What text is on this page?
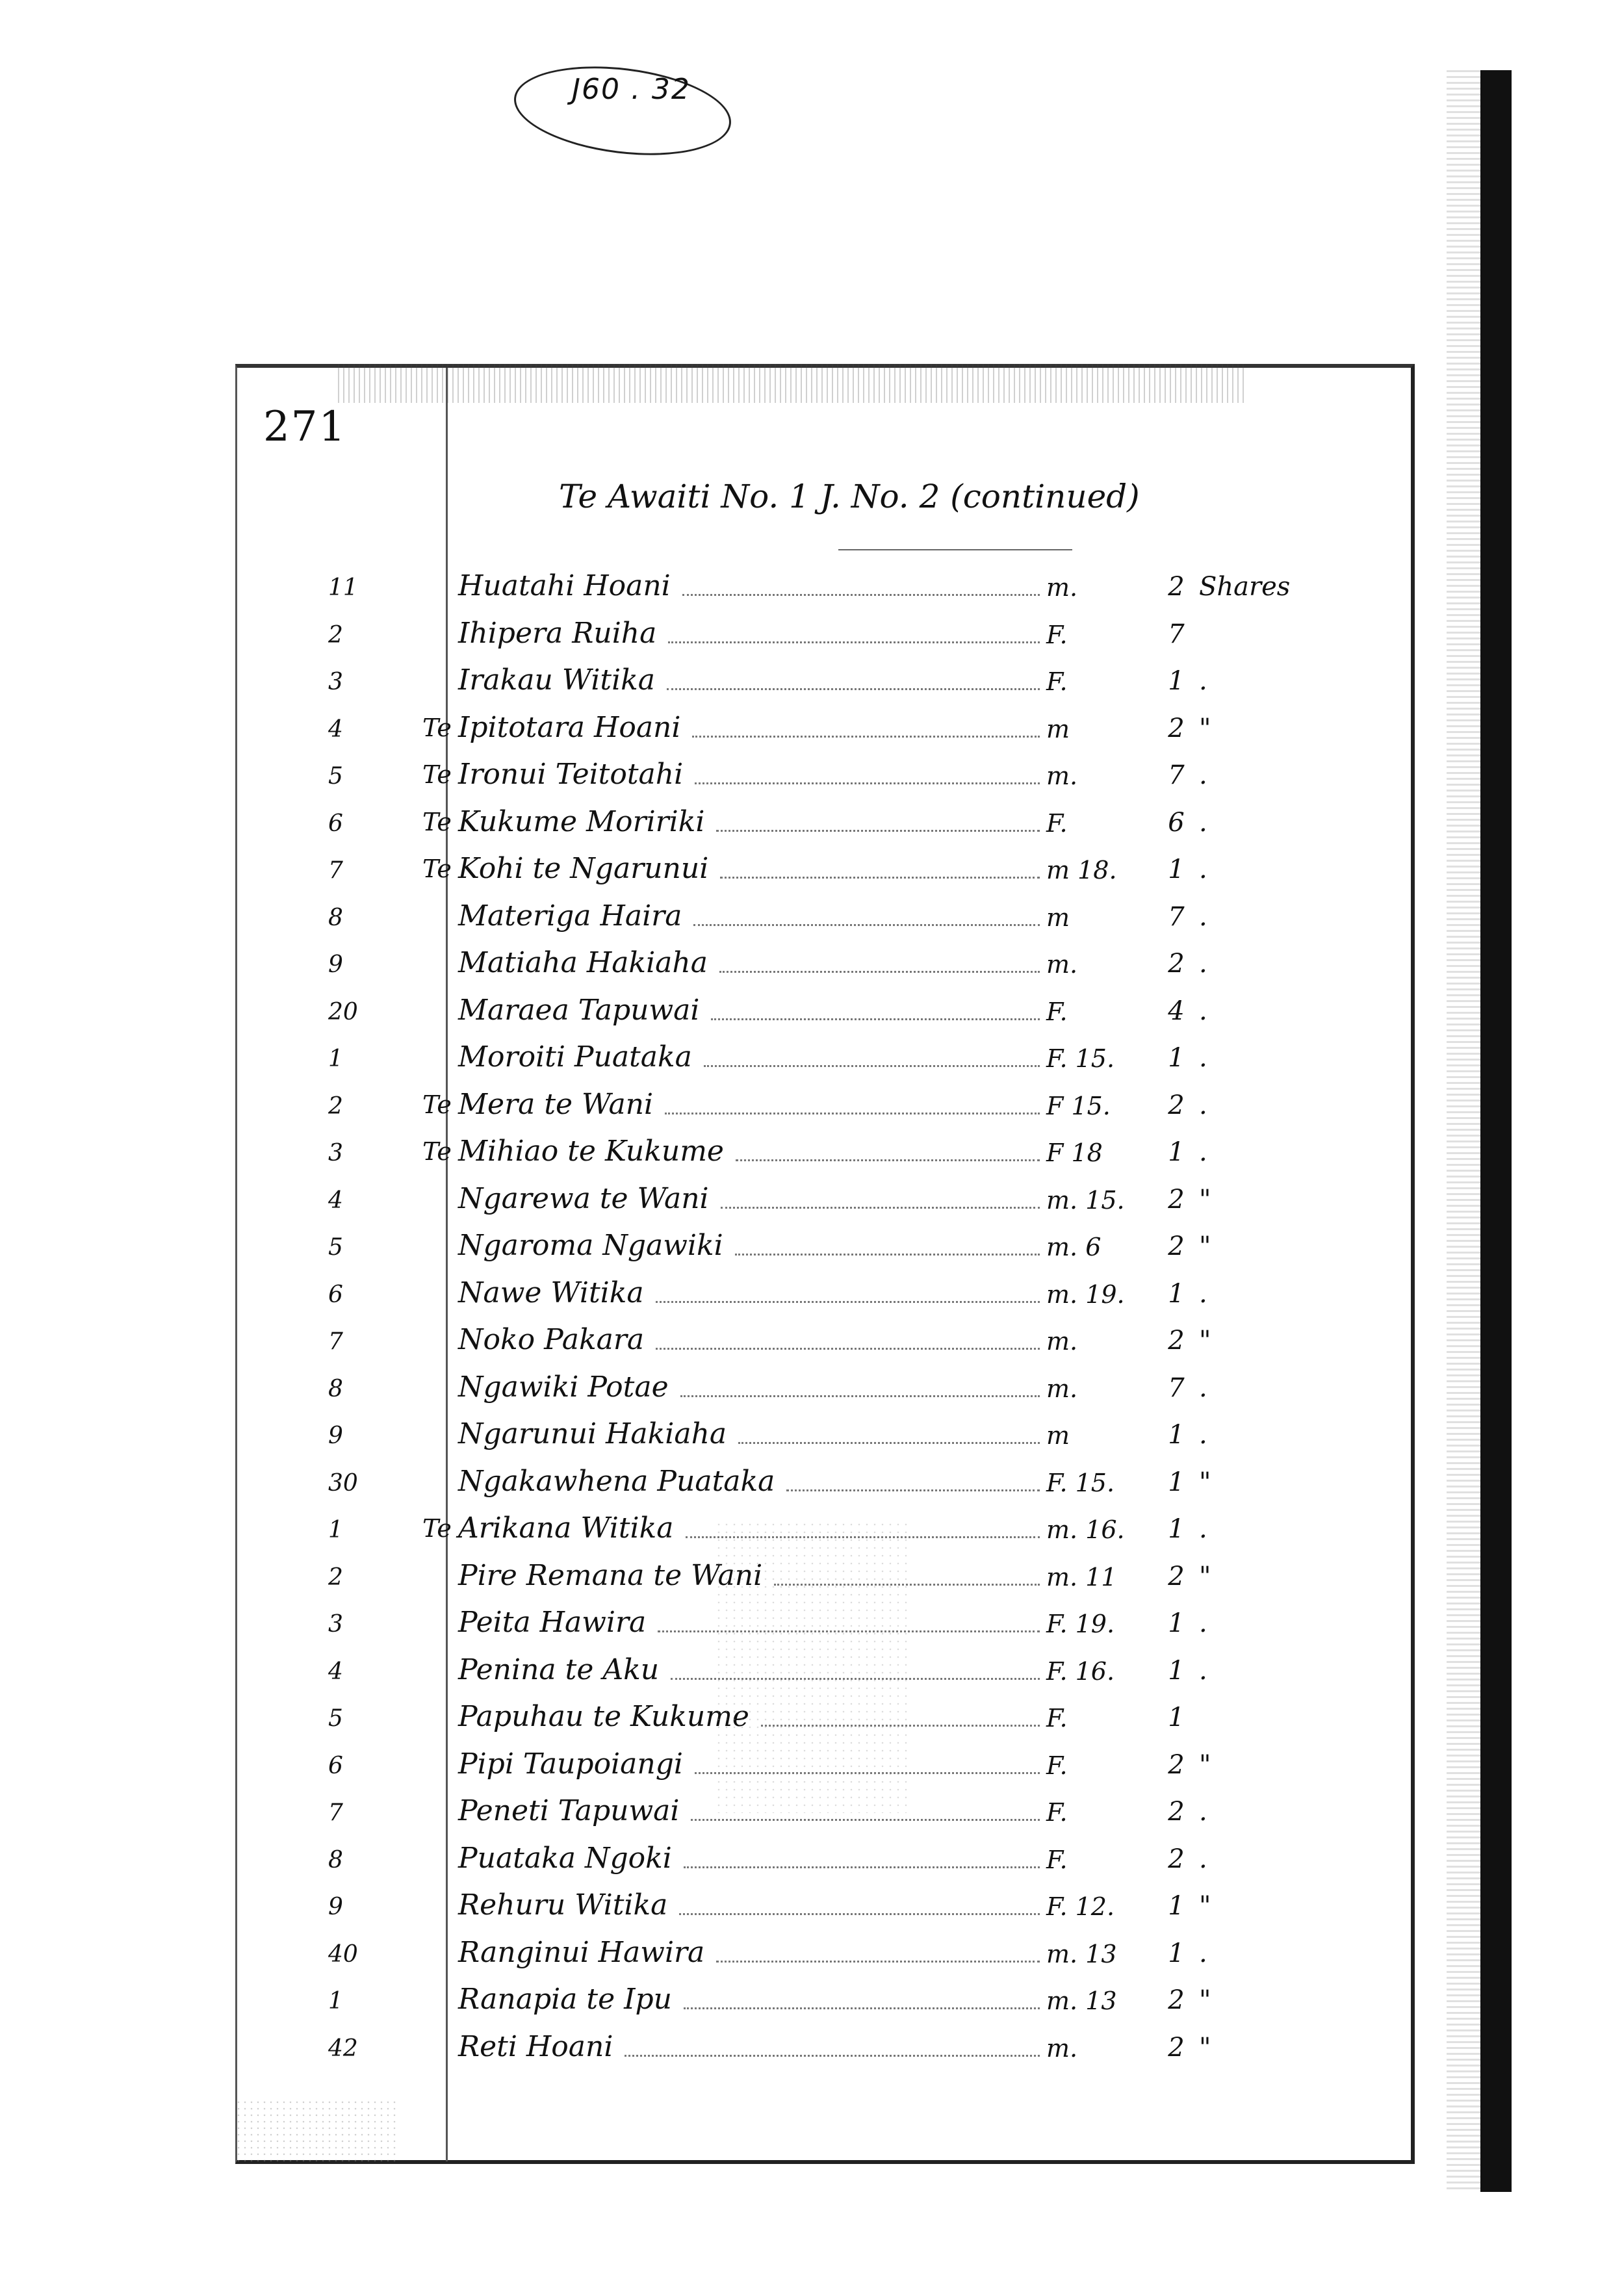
J60 . 32
271
Te Awaiti No. 1 J. No. 2 (continued)
11	Huatahi Hoani	m.	2 Shares
2	Ihipera Ruiha	F.	7
3	Irakau Witika	F.	1 .
4	Te Ipitotara Hoani	m	2 "
5	Te Ironui Teitotahi	m.	7 .
6	Te Kukume Moririki	F.	6 .
7	Te Kohi te Ngarunui	m 18.	1 .
8	Materiga Haira	m	7 .
9	Matiaha Hakiaha	m.	2 .
20	Maraea Tapuwai	F.	4 .
1	Moroiti Puataka	F. 15.	1 .
2	Te Mera te Wani	F 15.	2 .
3	Te Mihiao te Kukume	F 18	1 .
4	Ngarewa te Wani	m. 15.	2 "
5	Ngaroma Ngawiki	m. 6	2 "
6	Nawe Witika	m. 19.	1 .
7	Noko Pakara	m.	2 "
8	Ngawiki Potae	m.	7 .
9	Ngarunui Hakiaha	m	1 .
30	Ngakawhena Puataka	F. 15.	1 "
1	Te Arikana Witika	m. 16.	1 .
2	Pire Remana te Wani	m. 11	2 "
3	Peita Hawira	F. 19.	1 .
4	Penina te Aku	F. 16.	1 .
5	Papuhau te Kukume	F.	1
6	Pipi Taupoiangi	F.	2 "
7	Peneti Tapuwai	F.	2 .
8	Puataka Ngoki	F.	2 .
9	Rehuru Witika	F. 12.	1 "
40	Ranginui Hawira	m. 13	1 .
1	Ranapia te Ipu	m. 13	2 "
42	Reti Hoani	m.	2 "
